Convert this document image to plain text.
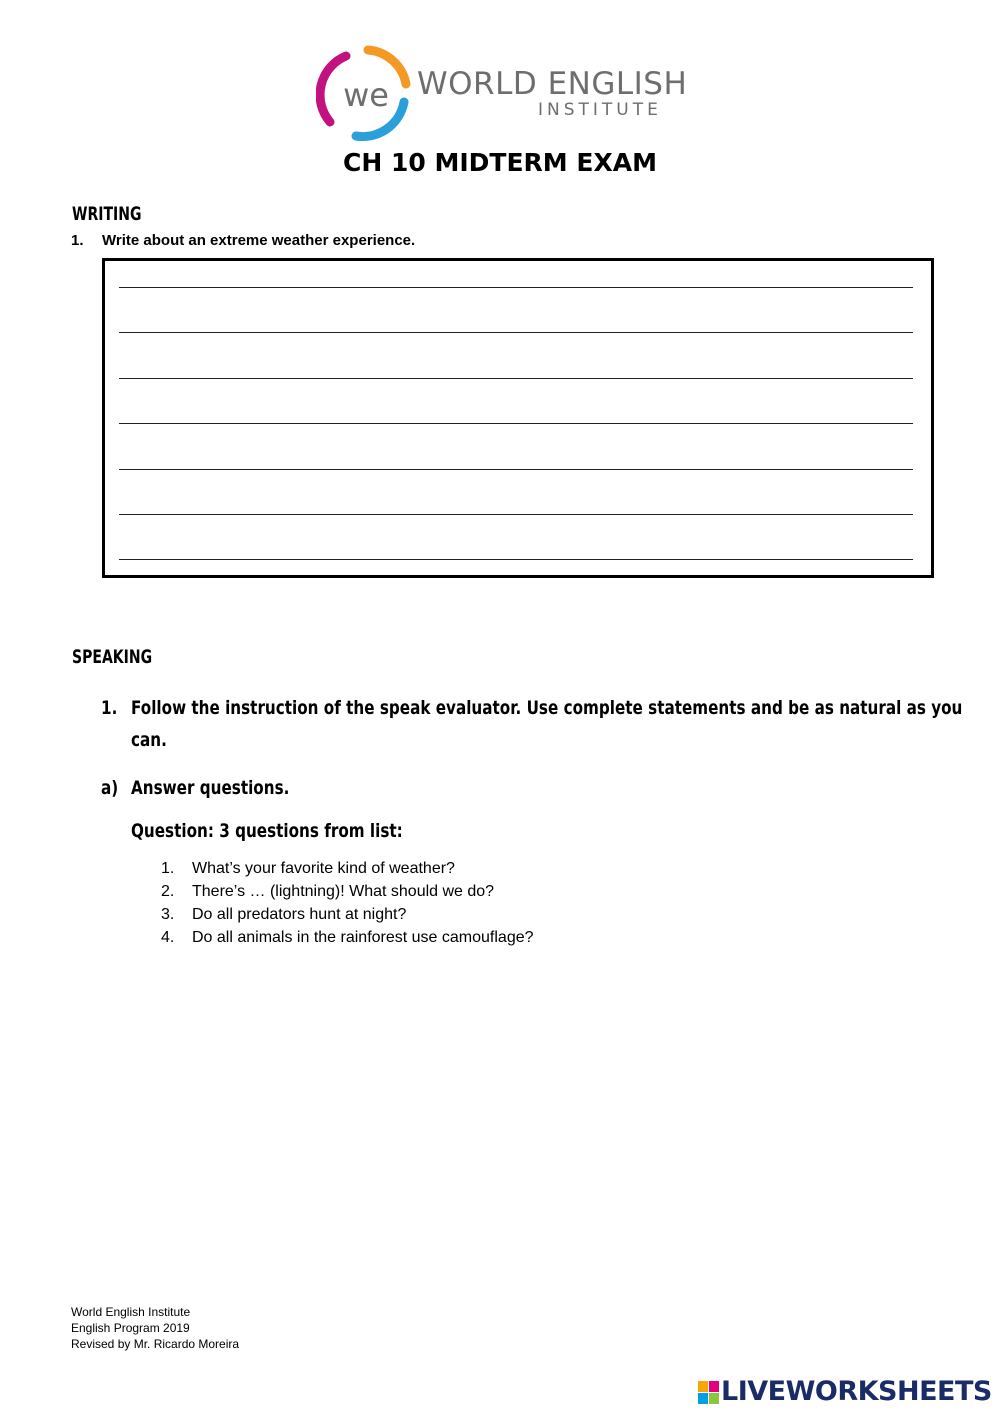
we WORLD ENGLISH
INSTITUTE
CH 10 MIDTERM EXAM
WRITING
1. Write about an extreme weather experience.
SPEAKING
1. Follow the instruction of the speak evaluator. Use complete statements and be as natural as you
can.
a) Answer questions.
Question: 3 questions from list:
1. What’s your favorite kind of weather?
2. There’s … (lightning)! What should we do?
3. Do all predators hunt at night?
4. Do all animals in the rainforest use camouflage?
World English Institute
English Program 2019
Revised by Mr. Ricardo Moreira
LIVEWORKSHEETS
